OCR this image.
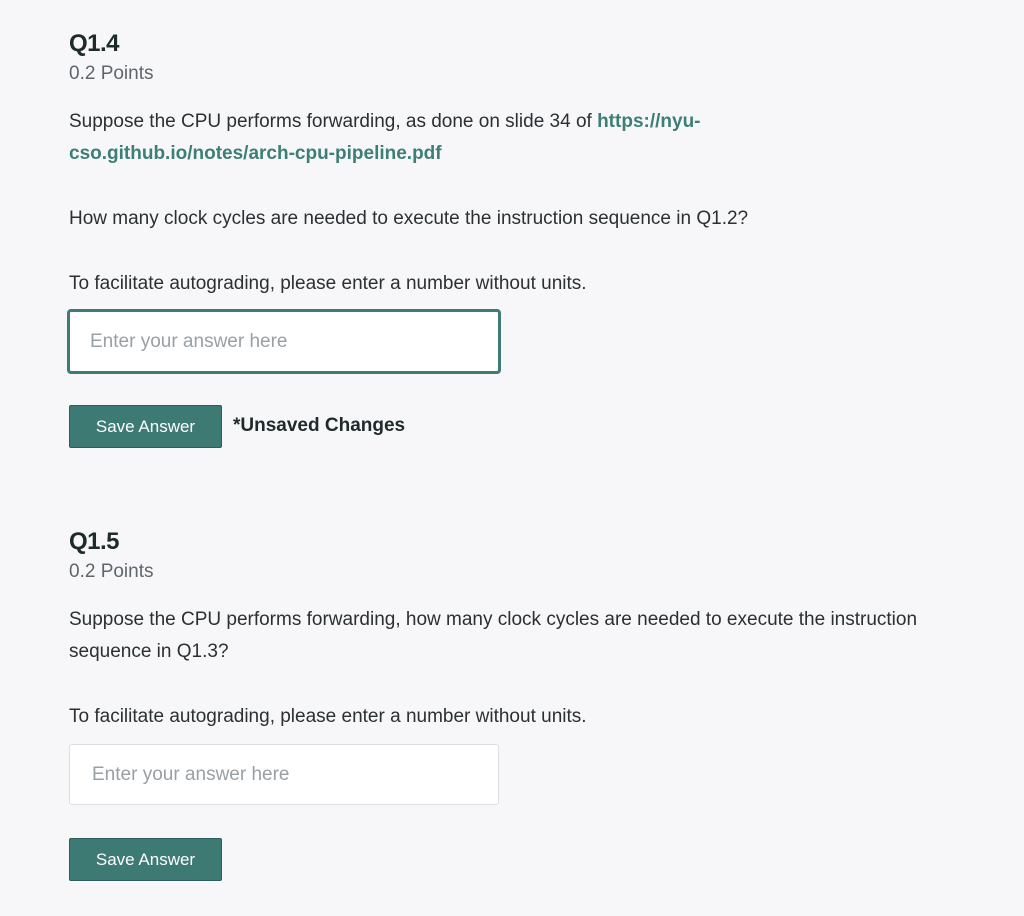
Q1.4
0.2 Points

Suppose the CPU performs forwarding, as done on slide 34 of https://nyu-cso.github.io/notes/arch-cpu-pipeline.pdf

How many clock cycles are needed to execute the instruction sequence in Q1.2?

To facilitate autograding, please enter a number without units.

Enter your answer here
Save Answer	*Unsaved Changes
Q1.5
0.2 Points

Suppose the CPU performs forwarding, how many clock cycles are needed to execute the instruction sequence in Q1.3?

To facilitate autograding, please enter a number without units.

Enter your answer here
Save Answer
